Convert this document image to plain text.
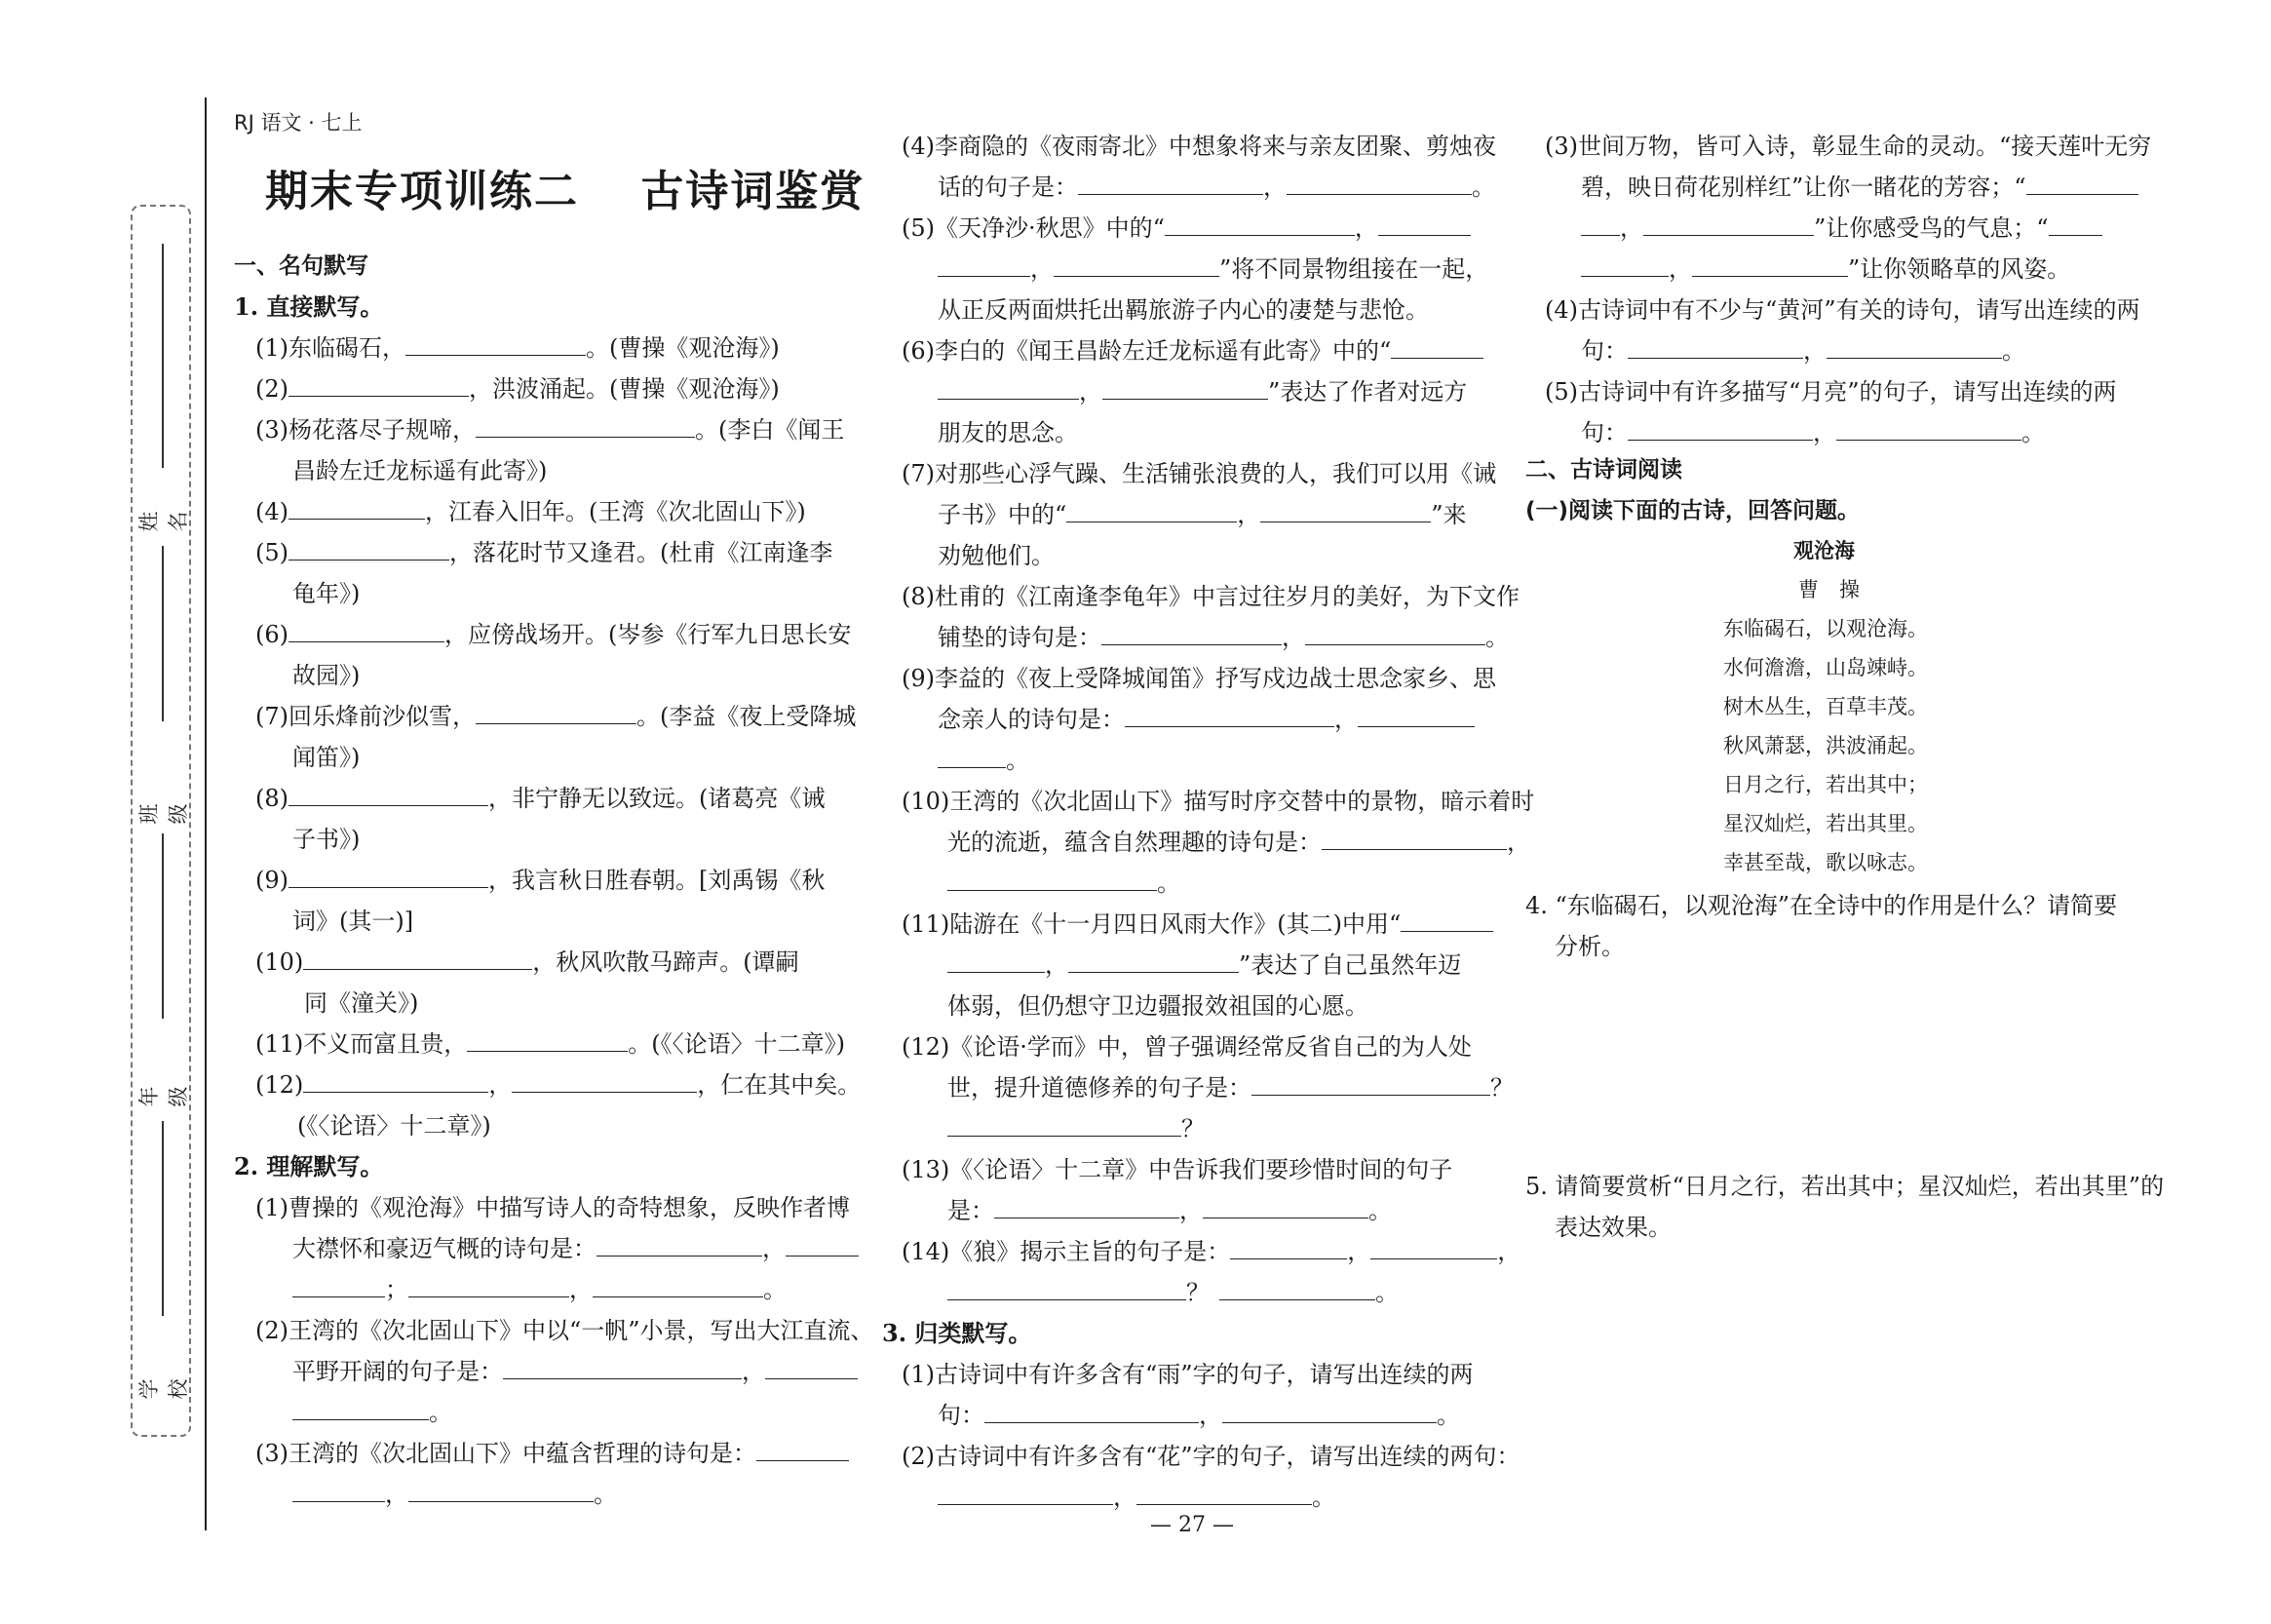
姓名
班级
年级
学校
RJ 语文 · 七上
期末专项训练二　 古诗词鉴赏
一、名句默写
1. 直接默写。
(1)东临碣石，	。(曹操《观沧海》)
(2)	，洪波涌起。(曹操《观沧海》)
(3)杨花落尽子规啼，	。(李白《闻王
昌龄左迁龙标遥有此寄》)
(4)	，江春入旧年。(王湾《次北固山下》)
(5)	，落花时节又逢君。(杜甫《江南逢李
龟年》)
(6)	，应傍战场开。(岑参《行军九日思长安
故园》)
(7)回乐烽前沙似雪，	。(李益《夜上受降城
闻笛》)
(8)	，非宁静无以致远。(诸葛亮《诫
子书》)
(9)	，我言秋日胜春朝。[刘禹锡《秋
词》(其一)]
(10)	，秋风吹散马蹄声。(谭嗣
同《潼关》)
(11)不义而富且贵，	。(《〈论语〉十二章》)
(12)	，	，仁在其中矣。
(《〈论语〉十二章》)
2. 理解默写。
(1)曹操的《观沧海》中描写诗人的奇特想象，反映作者博
大襟怀和豪迈气概的诗句是：	，
；	，	。
(2)王湾的《次北固山下》中以“一帆”小景，写出大江直流、
平野开阔的句子是：	，
。
(3)王湾的《次北固山下》中蕴含哲理的诗句是：
，	。
(4)李商隐的《夜雨寄北》中想象将来与亲友团聚、剪烛夜
话的句子是：	，	。
(5)《天净沙·秋思》中的“	，
，	”将不同景物组接在一起，
从正反两面烘托出羁旅游子内心的凄楚与悲怆。
(6)李白的《闻王昌龄左迁龙标遥有此寄》中的“
，	”表达了作者对远方
朋友的思念。
(7)对那些心浮气躁、生活铺张浪费的人，我们可以用《诫
子书》中的“	，	”来
劝勉他们。
(8)杜甫的《江南逢李龟年》中言过往岁月的美好，为下文作
铺垫的诗句是：	，	。
(9)李益的《夜上受降城闻笛》抒写戍边战士思念家乡、思
念亲人的诗句是：	，
。
(10)王湾的《次北固山下》描写时序交替中的景物，暗示着时
光的流逝，蕴含自然理趣的诗句是：	，
。
(11)陆游在《十一月四日风雨大作》(其二)中用“
，	”表达了自己虽然年迈
体弱，但仍想守卫边疆报效祖国的心愿。
(12)《论语·学而》中，曾子强调经常反省自己的为人处
世，提升道德修养的句子是：	？
？
(13)《〈论语〉十二章》中告诉我们要珍惜时间的句子
是：	，	。
(14)《狼》揭示主旨的句子是：	，	，
？	。
3. 归类默写。
(1)古诗词中有许多含有“雨”字的句子，请写出连续的两
句：	，	。
(2)古诗词中有许多含有“花”字的句子，请写出连续的两句：
，	。
— 27 —
(3)世间万物，皆可入诗，彰显生命的灵动。“接天莲叶无穷
碧，映日荷花别样红”让你一睹花的芳容；“
，	”让你感受鸟的气息；“
，	”让你领略草的风姿。
(4)古诗词中有不少与“黄河”有关的诗句，请写出连续的两
句：	，	。
(5)古诗词中有许多描写“月亮”的句子，请写出连续的两
句：	，	。
二、古诗词阅读
(一)阅读下面的古诗，回答问题。
观沧海
曹　操
东临碣石，以观沧海。
水何澹澹，山岛竦峙。
树木丛生，百草丰茂。
秋风萧瑟，洪波涌起。
日月之行，若出其中；
星汉灿烂，若出其里。
幸甚至哉，歌以咏志。
4. “东临碣石，以观沧海”在全诗中的作用是什么？请简要
分析。
5. 请简要赏析“日月之行，若出其中；星汉灿烂，若出其里”的
表达效果。
